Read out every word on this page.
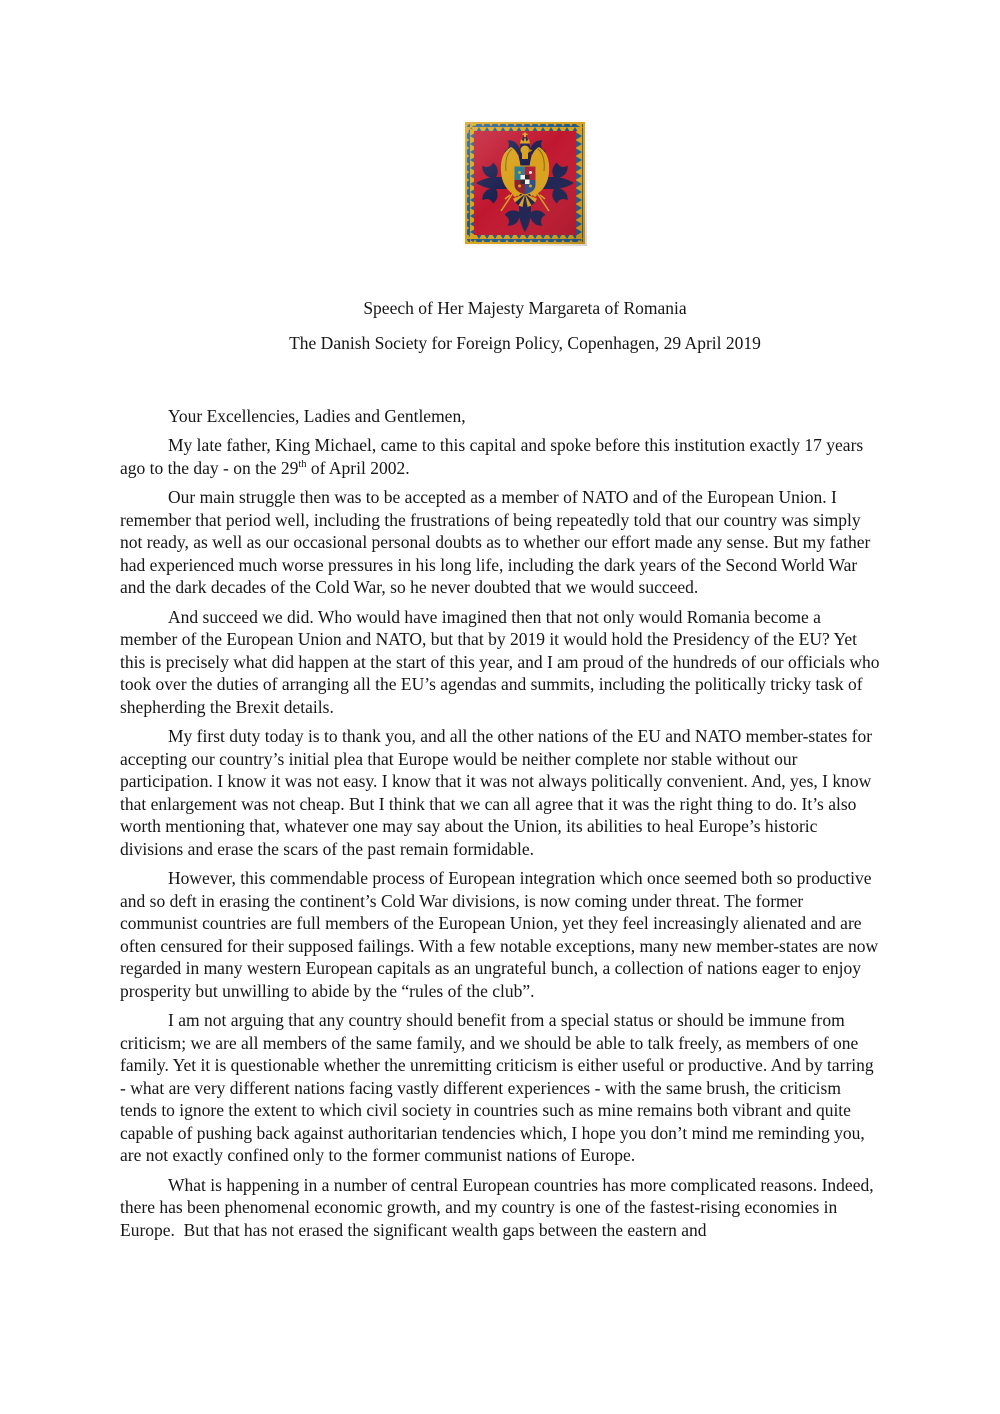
Speech of Her Majesty Margareta of Romania
The Danish Society for Foreign Policy, Copenhagen, 29 April 2019

Your Excellencies, Ladies and Gentlemen,

My late father, King Michael, came to this capital and spoke before this institution exactly 17 years ago to the day - on the 29th of April 2002.

Our main struggle then was to be accepted as a member of NATO and of the European Union. I remember that period well, including the frustrations of being repeatedly told that our country was simply not ready, as well as our occasional personal doubts as to whether our effort made any sense. But my father had experienced much worse pressures in his long life, including the dark years of the Second World War and the dark decades of the Cold War, so he never doubted that we would succeed.

And succeed we did. Who would have imagined then that not only would Romania become a member of the European Union and NATO, but that by 2019 it would hold the Presidency of the EU? Yet this is precisely what did happen at the start of this year, and I am proud of the hundreds of our officials who took over the duties of arranging all the EU’s agendas and summits, including the politically tricky task of shepherding the Brexit details.

My first duty today is to thank you, and all the other nations of the EU and NATO member-states for accepting our country’s initial plea that Europe would be neither complete nor stable without our participation. I know it was not easy. I know that it was not always politically convenient. And, yes, I know that enlargement was not cheap. But I think that we can all agree that it was the right thing to do. It’s also worth mentioning that, whatever one may say about the Union, its abilities to heal Europe’s historic divisions and erase the scars of the past remain formidable.

However, this commendable process of European integration which once seemed both so productive and so deft in erasing the continent’s Cold War divisions, is now coming under threat. The former communist countries are full members of the European Union, yet they feel increasingly alienated and are often censured for their supposed failings. With a few notable exceptions, many new member-states are now regarded in many western European capitals as an ungrateful bunch, a collection of nations eager to enjoy prosperity but unwilling to abide by the “rules of the club”.

I am not arguing that any country should benefit from a special status or should be immune from criticism; we are all members of the same family, and we should be able to talk freely, as members of one family. Yet it is questionable whether the unremitting criticism is either useful or productive. And by tarring - what are very different nations facing vastly different experiences - with the same brush, the criticism tends to ignore the extent to which civil society in countries such as mine remains both vibrant and quite capable of pushing back against authoritarian tendencies which, I hope you don’t mind me reminding you, are not exactly confined only to the former communist nations of Europe.

What is happening in a number of central European countries has more complicated reasons. Indeed, there has been phenomenal economic growth, and my country is one of the fastest-rising economies in Europe.  But that has not erased the significant wealth gaps between the eastern and
